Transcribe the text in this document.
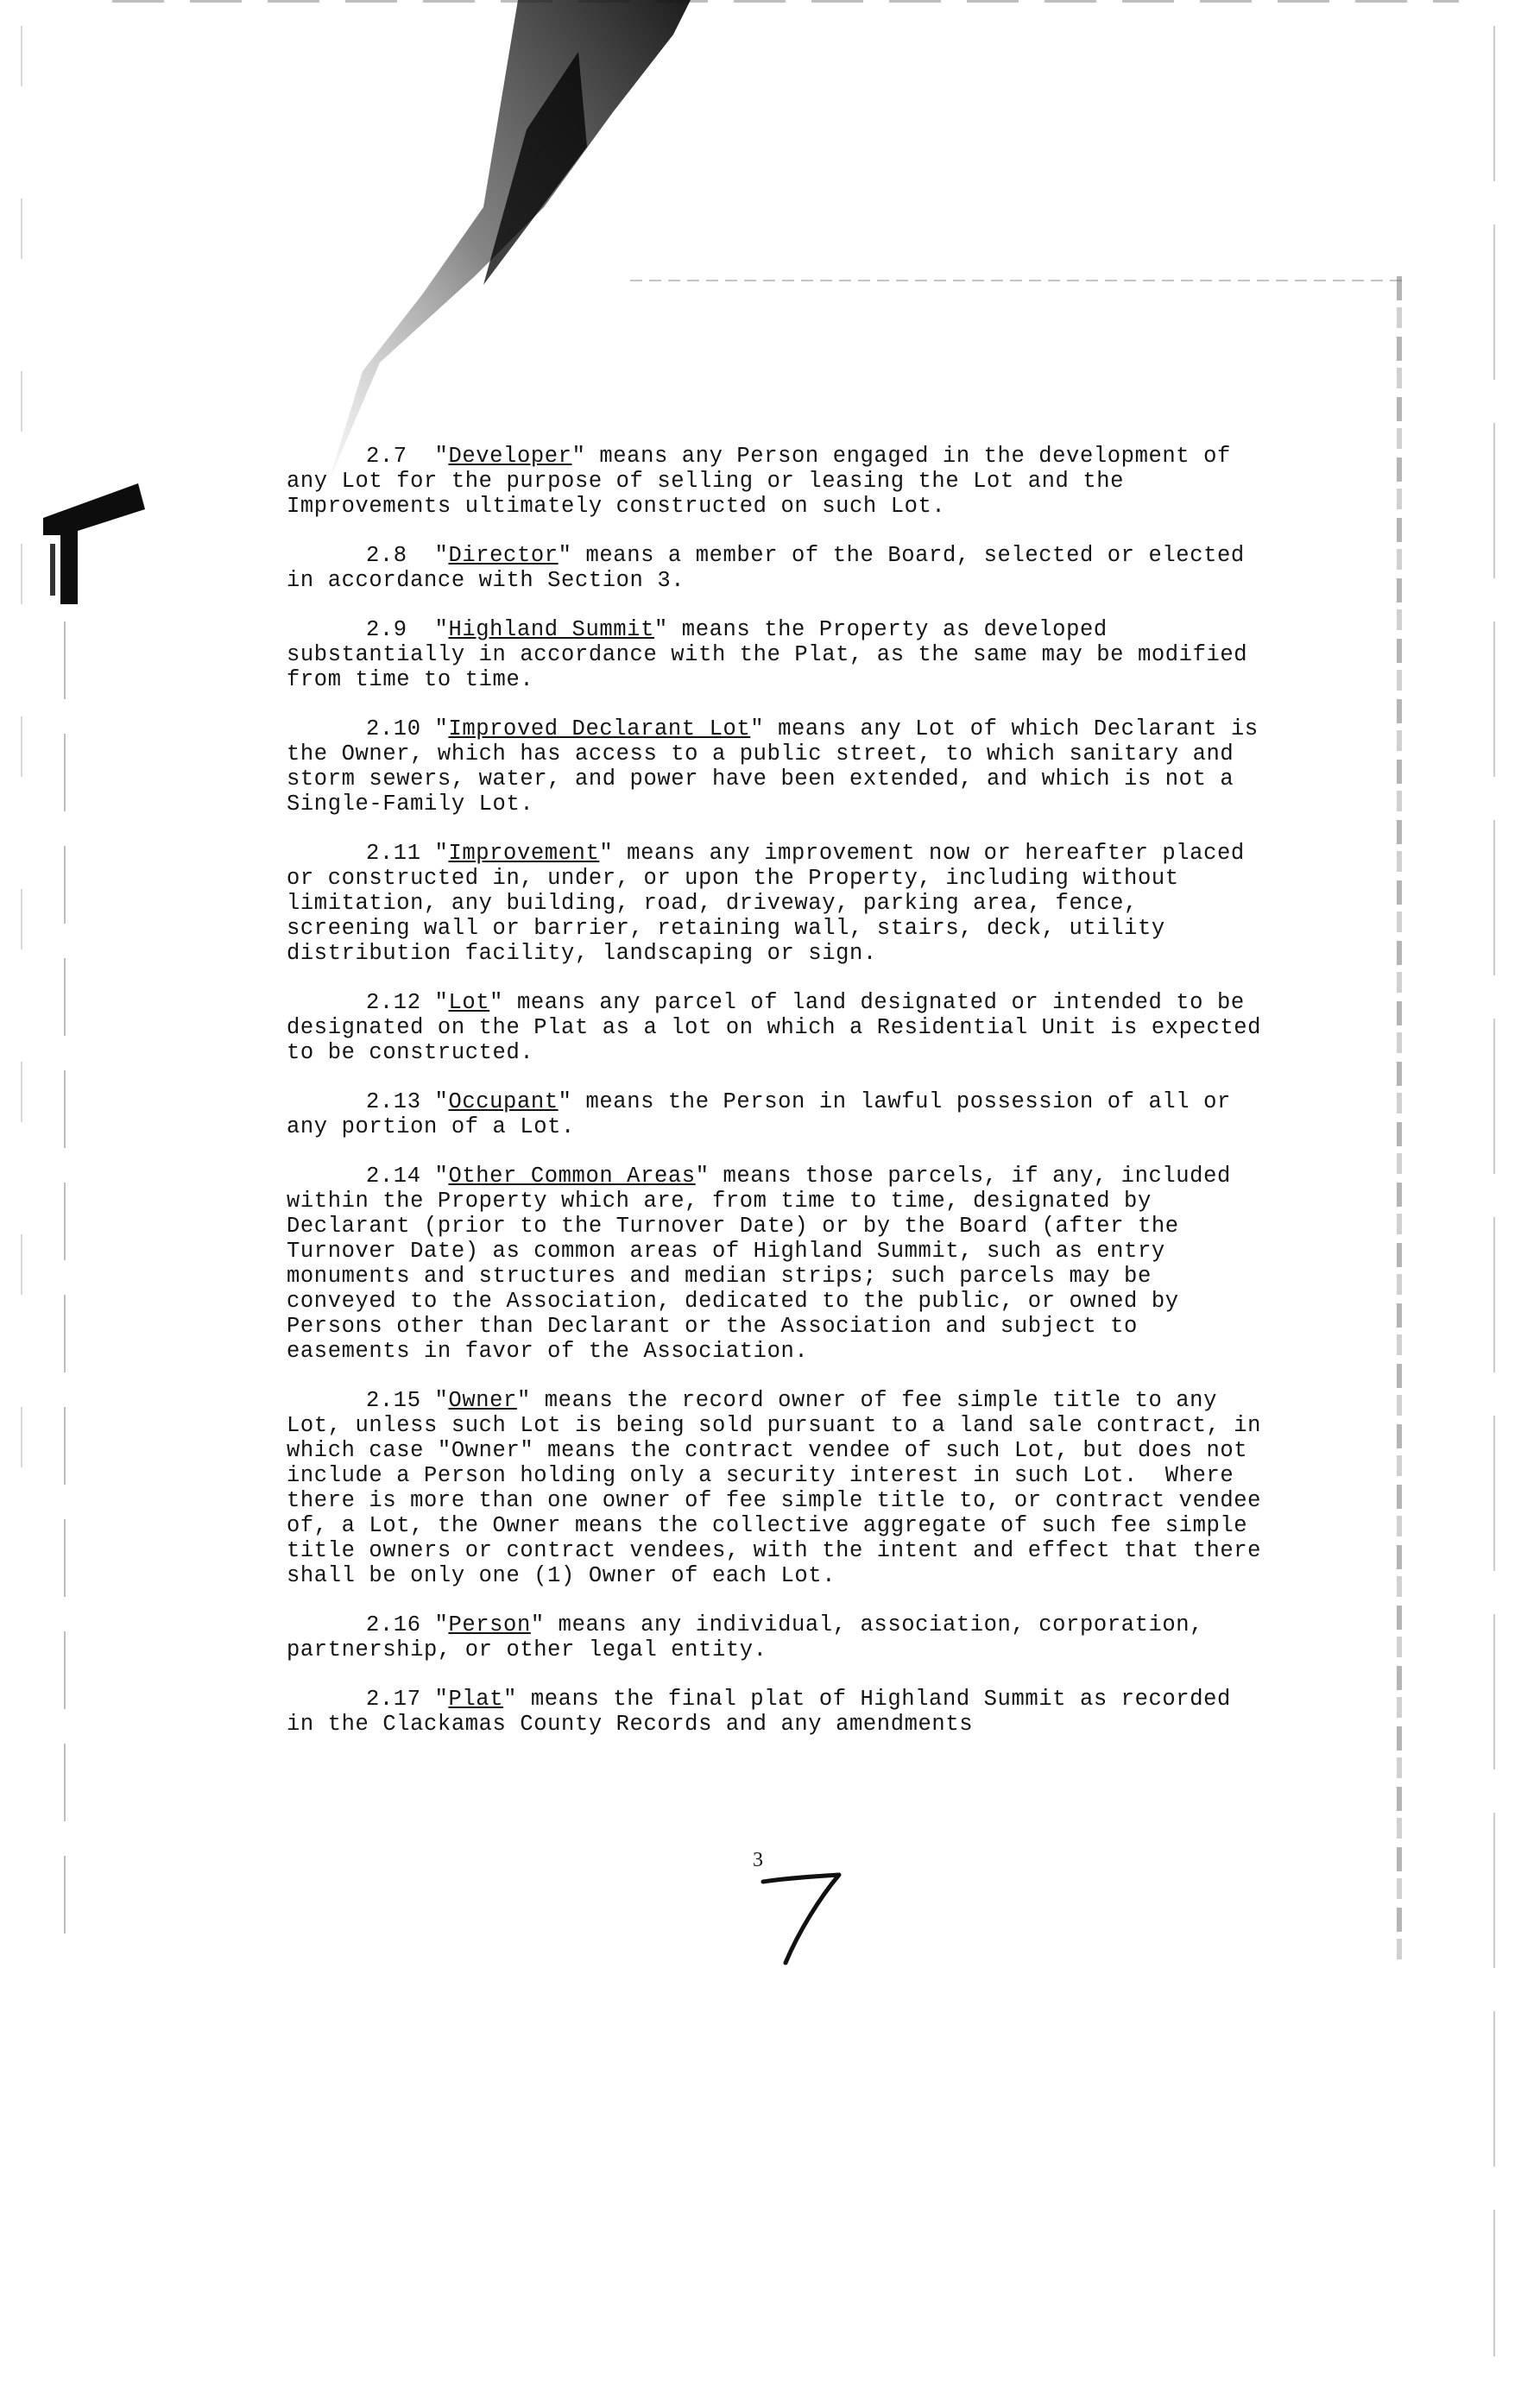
2.7  "Developer" means any Person engaged in the development of any Lot for the purpose of selling or leasing the Lot and the Improvements ultimately constructed on such Lot.

2.8  "Director" means a member of the Board, selected or elected in accordance with Section 3.

2.9  "Highland Summit" means the Property as developed substantially in accordance with the Plat, as the same may be modified from time to time.

2.10 "Improved Declarant Lot" means any Lot of which Declarant is the Owner, which has access to a public street, to which sanitary and storm sewers, water, and power have been extended, and which is not a Single-Family Lot.

2.11 "Improvement" means any improvement now or hereafter placed or constructed in, under, or upon the Property, including without limitation, any building, road, driveway, parking area, fence, screening wall or barrier, retaining wall, stairs, deck, utility distribution facility, landscaping or sign.

2.12 "Lot" means any parcel of land designated or intended to be designated on the Plat as a lot on which a Residential Unit is expected to be constructed.

2.13 "Occupant" means the Person in lawful possession of all or any portion of a Lot.

2.14 "Other Common Areas" means those parcels, if any, included within the Property which are, from time to time, designated by Declarant (prior to the Turnover Date) or by the Board (after the Turnover Date) as common areas of Highland Summit, such as entry monuments and structures and median strips; such parcels may be conveyed to the Association, dedicated to the public, or owned by Persons other than Declarant or the Association and subject to easements in favor of the Association.

2.15 "Owner" means the record owner of fee simple title to any Lot, unless such Lot is being sold pursuant to a land sale contract, in which case "Owner" means the contract vendee of such Lot, but does not include a Person holding only a security interest in such Lot.  Where there is more than one owner of fee simple title to, or contract vendee of, a Lot, the Owner means the collective aggregate of such fee simple title owners or contract vendees, with the intent and effect that there shall be only one (1) Owner of each Lot.

2.16 "Person" means any individual, association, corporation, partnership, or other legal entity.

2.17 "Plat" means the final plat of Highland Summit as recorded in the Clackamas County Records and any amendments

3
